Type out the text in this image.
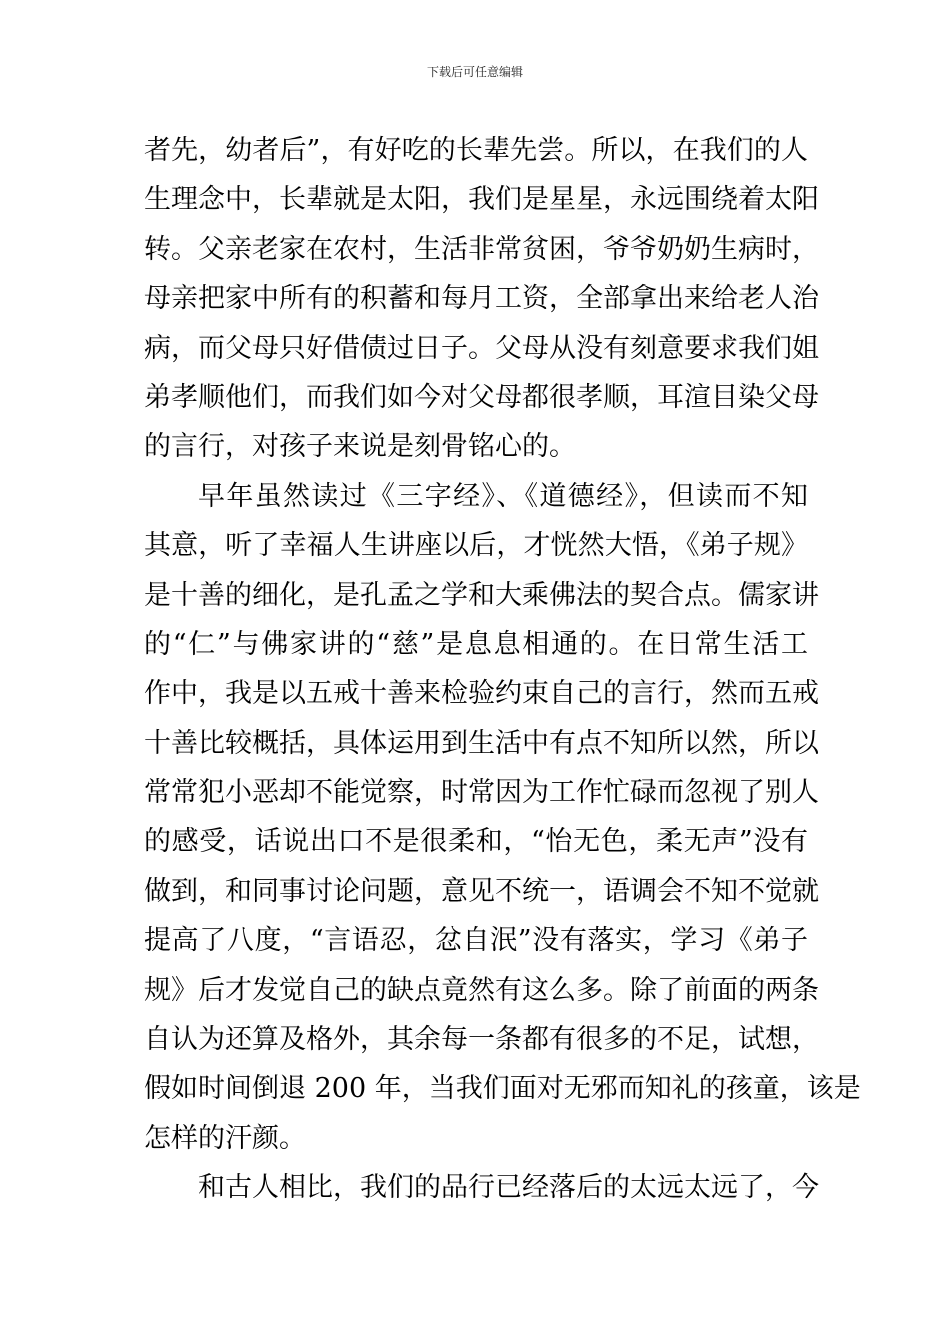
下载后可任意编辑
者先，幼者后”，有好吃的长辈先尝。所以，在我们的人
生理念中，长辈就是太阳，我们是星星，永远围绕着太阳
转。父亲老家在农村，生活非常贫困，爷爷奶奶生病时，
母亲把家中所有的积蓄和每月工资，全部拿出来给老人治
病，而父母只好借债过日子。父母从没有刻意要求我们姐
弟孝顺他们，而我们如今对父母都很孝顺，耳渲目染父母
的言行，对孩子来说是刻骨铭心的。
早年虽然读过《三字经》、《道德经》，但读而不知
其意，听了幸福人生讲座以后，才恍然大悟，《弟子规》
是十善的细化，是孔孟之学和大乘佛法的契合点。儒家讲
的“仁”与佛家讲的“慈”是息息相通的。在日常生活工
作中，我是以五戒十善来检验约束自己的言行，然而五戒
十善比较概括，具体运用到生活中有点不知所以然，所以
常常犯小恶却不能觉察，时常因为工作忙碌而忽视了别人
的感受，话说出口不是很柔和，“怡无色，柔无声”没有
做到，和同事讨论问题，意见不统一，语调会不知不觉就
提高了八度，“言语忍，忿自泯”没有落实，学习《弟子
规》后才发觉自己的缺点竟然有这么多。除了前面的两条
自认为还算及格外，其余每一条都有很多的不足，试想，
假如时间倒退 200 年，当我们面对无邪而知礼的孩童，该是
怎样的汗颜。
和古人相比，我们的品行已经落后的太远太远了，今
